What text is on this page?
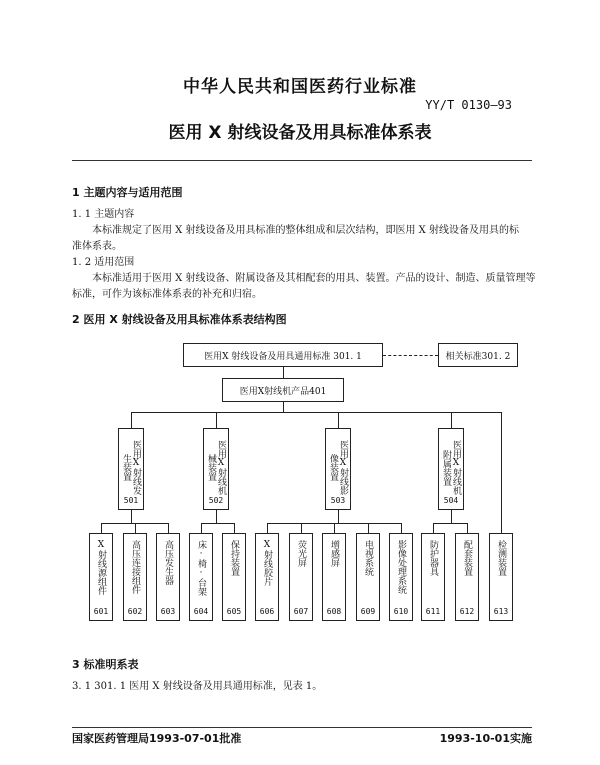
中华人民共和国医药行业标准
YY/T 0130—93
医用 X 射线设备及用具标准体系表
1 主题内容与适用范围
1. 1 主题内容
本标准规定了医用 X 射线设备及用具标准的整体组成和层次结构，即医用 X 射线设备及用具的标
准体系表。
1. 2 适用范围
本标准适用于医用 X 射线设备、附属设备及其相配套的用具、装置。产品的设计、制造、质量管理等
标准，可作为该标准体系表的补充和归宿。
2 医用 X 射线设备及用具标准体系表结构图
医用X 射线设备及用具通用标准 301. 1	相关标准301. 2
医用X射线机产品401
医用X射线发生装置
501
医用X射线机械装置
502
医用X射线影像装置
503
医用X射线机附属装置
504
X射线源组件
601
高压连接组件
602
高压发生器
603
床·椅·台架
604
保持装置
605
X射线胶片
606
荧光屏
607
增感屏
608
电视系统
609
影像处理系统
610
防护器具
611
配套装置
612
检测装置
613
3 标准明系表
3. 1 301. 1 医用 X 射线设备及用具通用标准，见表 1。
国家医药管理局1993-07-01批准	1993-10-01实施
